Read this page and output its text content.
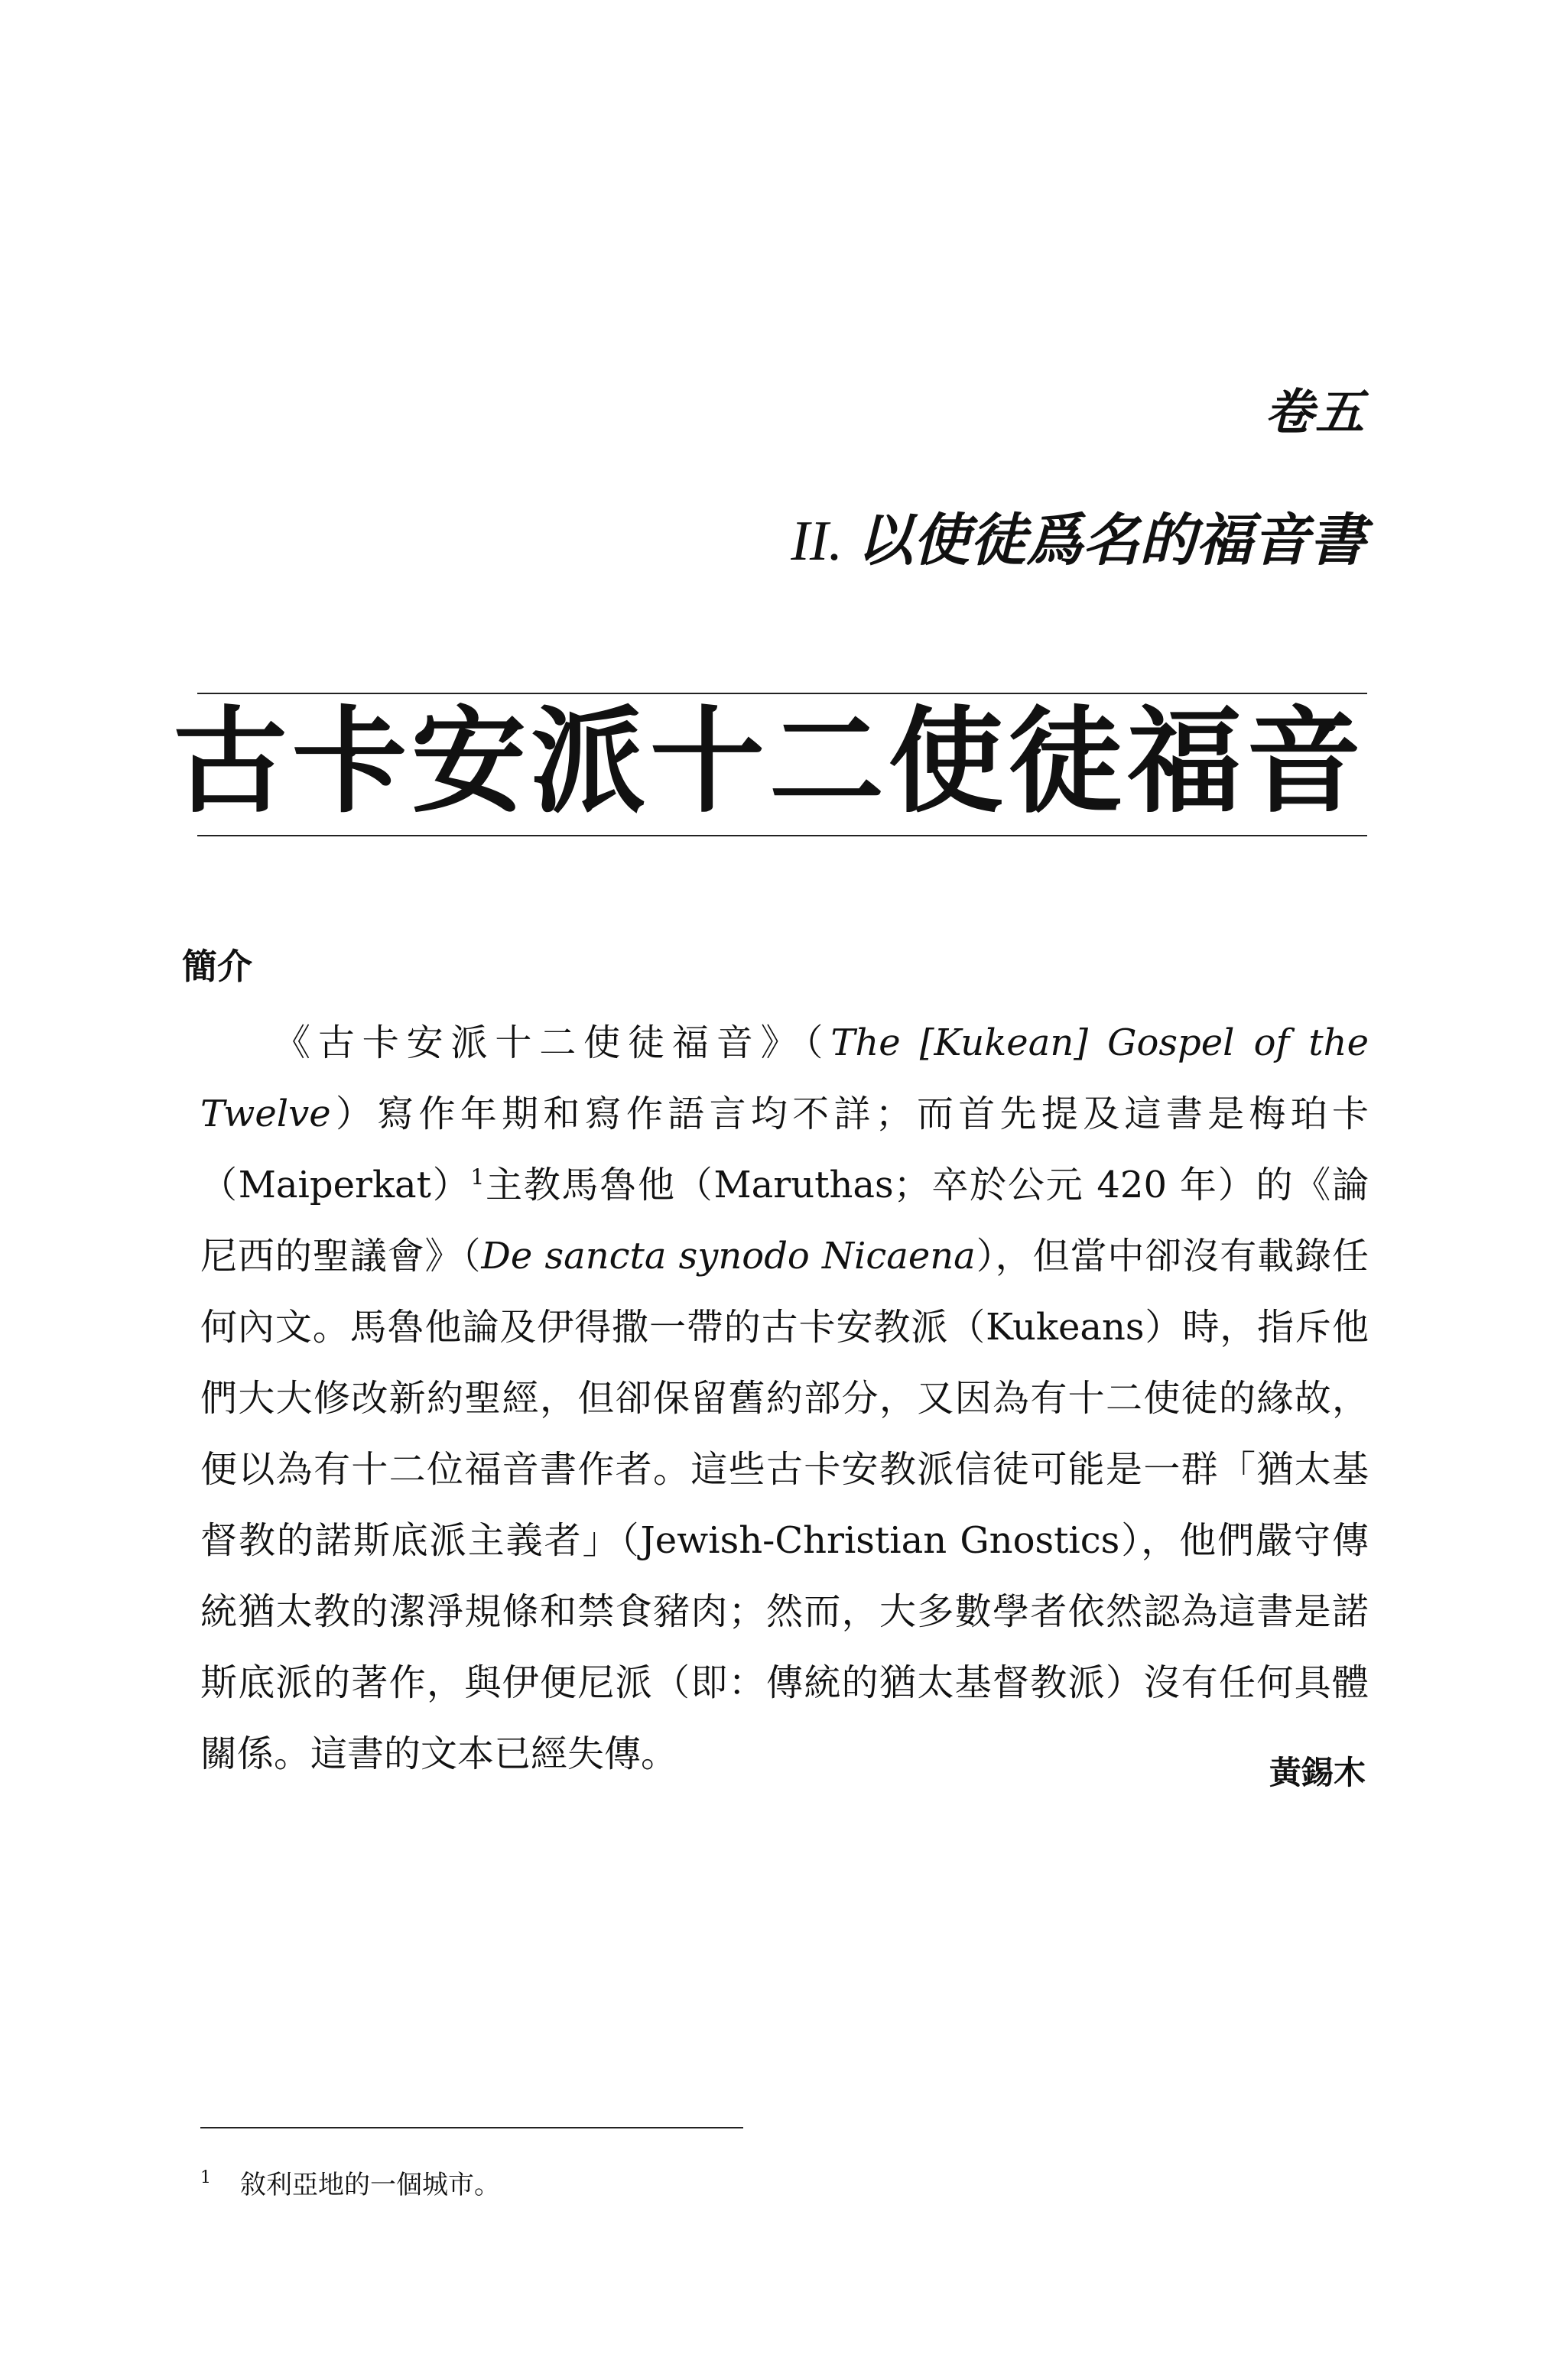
卷五

II. 以使徒爲名的福音書

古卡安派十二使徒福音
簡介

《古卡安派十二使徒福音》（The [Kukean] Gospel of the Twelve）寫作年期和寫作語言均不詳；而首先提及這書是梅珀卡（Maiperkat）$^1$主教馬魯他（Maruthas；卒於公元 420 年）的《論尼西的聖議會》（De sancta synodo Nicaena），但當中卻沒有載錄任何內文。馬魯他論及伊得撒一帶的古卡安教派（Kukeans）時，指斥他們大大修改新約聖經，但卻保留舊約部分，又因為有十二使徒的緣故，便以為有十二位福音書作者。這些古卡安教派信徒可能是一群「猶太基督教的諾斯底派主義者」（Jewish-Christian Gnostics），他們嚴守傳統猶太教的潔淨規條和禁食豬肉；然而，大多數學者依然認為這書是諾斯底派的著作，與伊便尼派（即：傳統的猶太基督教派）沒有任何具體關係。這書的文本已經失傳。	黃錫木

$^1$ 敘利亞地的一個城市。
